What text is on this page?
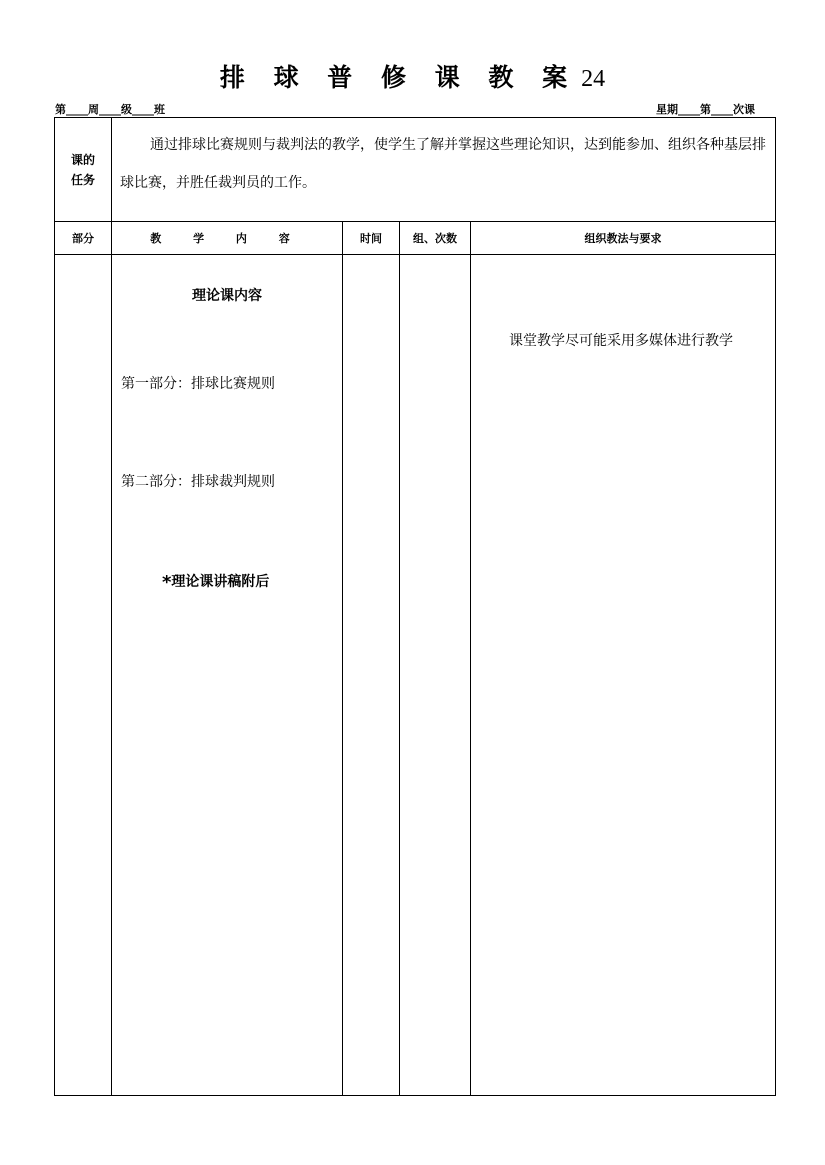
排 球 普 修 课 教 案 24
第____周____级____班	星期____第____次课
课的
任务	通过排球比赛规则与裁判法的教学，使学生了解并掌握这些理论知识，达到能参加、组织各种基层排球比赛，并胜任裁判员的工作。			
部分	教 学 内 容	时间	组、次数	组织教法与要求

	理论课内容
第一部分：排球比赛规则
第二部分：排球裁判规则
*理论课讲稿附后			课堂教学尽可能采用多媒体进行教学
